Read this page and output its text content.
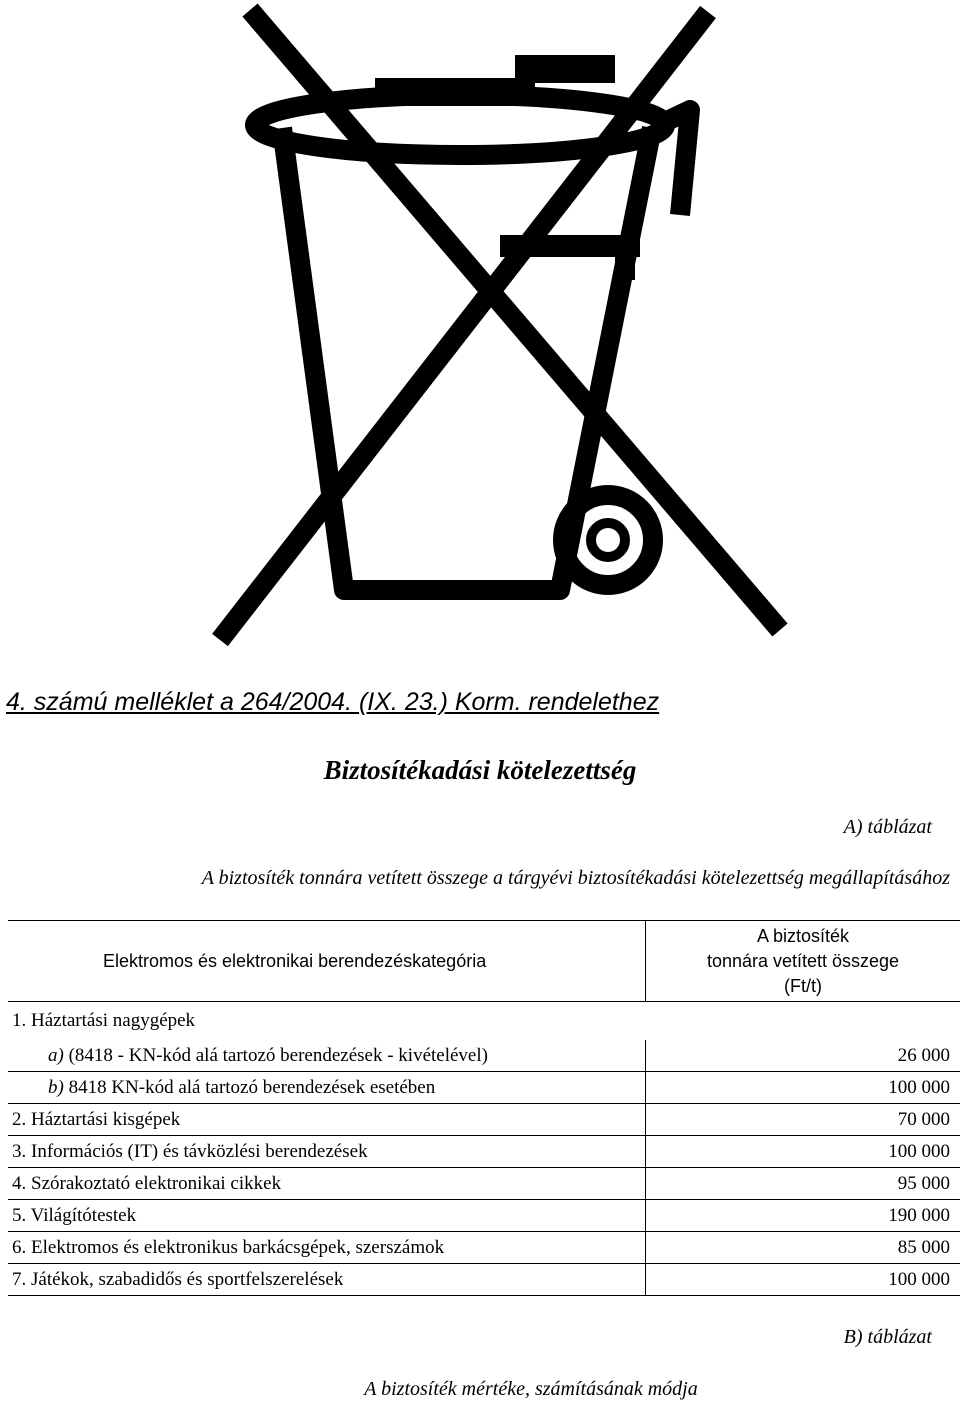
4. számú melléklet a 264/2004. (IX. 23.) Korm. rendelethez
Biztosítékadási kötelezettség
A) táblázat
A biztosíték tonnára vetített összege a tárgyévi biztosítékadási kötelezettség megállapításához
Elektromos és elektronikai berendezéskategória	A biztosíték
tonnára vetített összege
(Ft/t)

1. Háztartási nagygépek	
a) (8418 - KN-kód alá tartozó berendezések - kivételével)	26 000
b) 8418 KN-kód alá tartozó berendezések esetében	100 000
2. Háztartási kisgépek	70 000
3. Információs (IT) és távközlési berendezések	100 000
4. Szórakoztató elektronikai cikkek	95 000
5. Világítótestek	190 000
6. Elektromos és elektronikus barkácsgépek, szerszámok	85 000
7. Játékok, szabadidős és sportfelszerelések	100 000
B) táblázat
A biztosíték mértéke, számításának módja
